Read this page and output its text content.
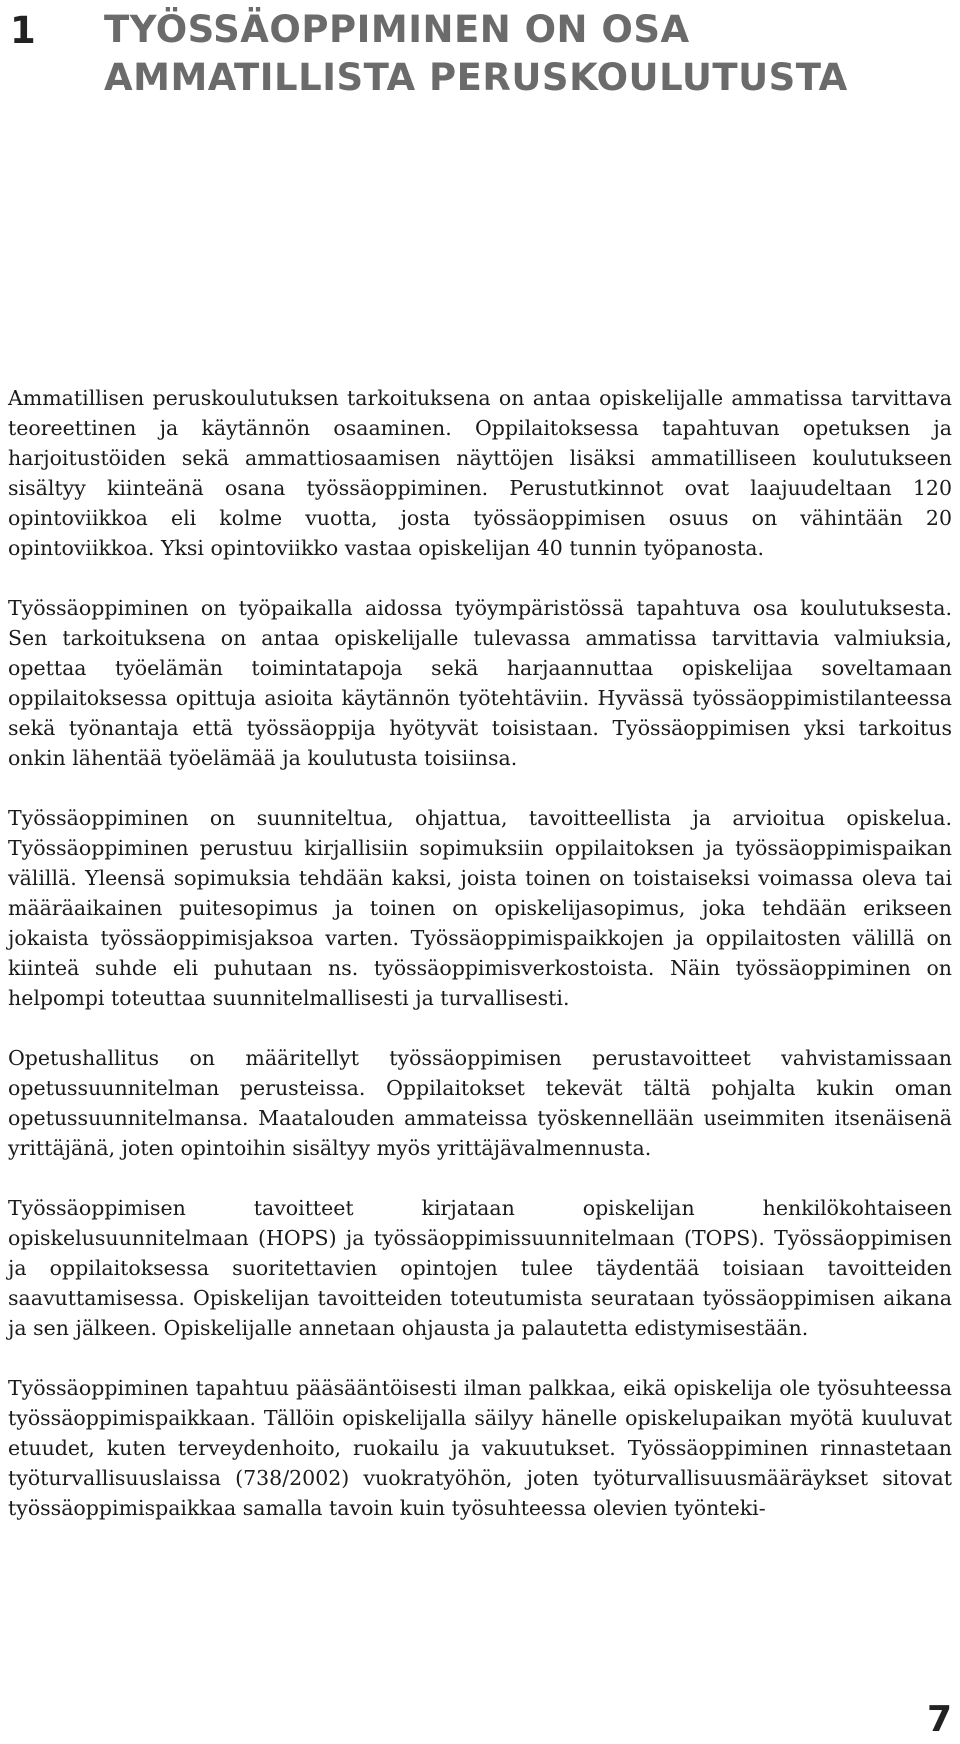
1 TYÖSSÄOPPIMINEN ON OSA AMMATILLISTA PERUSKOULUTUSTA

Ammatillisen peruskoulutuksen tarkoituksena on antaa opiskelijalle ammatissa tarvittava teoreettinen ja käytännön osaaminen. Oppilaitoksessa tapahtuvan opetuksen ja harjoitustöiden sekä ammattiosaamisen näyttöjen lisäksi ammatilliseen koulutukseen sisältyy kiinteänä osana työssäoppiminen. Perustutkinnot ovat laajuudeltaan 120 opintoviikkoa eli kolme vuotta, josta työssäoppimisen osuus on vähintään 20 opintoviikkoa. Yksi opintoviikko vastaa opiskelijan 40 tunnin työpanosta.

Työssäoppiminen on työpaikalla aidossa työympäristössä tapahtuva osa koulutuksesta. Sen tarkoituksena on antaa opiskelijalle tulevassa ammatissa tarvittavia valmiuksia, opettaa työelämän toimintatapoja sekä harjaannuttaa opiskelijaa soveltamaan oppilaitoksessa opittuja asioita käytännön työtehtäviin. Hyvässä työssäoppimistilanteessa sekä työnantaja että työssäoppija hyötyvät toisistaan. Työssäoppimisen yksi tarkoitus onkin lähentää työelämää ja koulutusta toisiinsa.

Työssäoppiminen on suunniteltua, ohjattua, tavoitteellista ja arvioitua opiskelua. Työssäoppiminen perustuu kirjallisiin sopimuksiin oppilaitoksen ja työssäoppimispaikan välillä. Yleensä sopimuksia tehdään kaksi, joista toinen on toistaiseksi voimassa oleva tai määräaikainen puitesopimus ja toinen on opiskelijasopimus, joka tehdään erikseen jokaista työssäoppimisjaksoa varten. Työssäoppimispaikkojen ja oppilaitosten välillä on kiinteä suhde eli puhutaan ns. työssäoppimisverkostoista. Näin työssäoppiminen on helpompi toteuttaa suunnitelmallisesti ja turvallisesti.

Opetushallitus on määritellyt työssäoppimisen perustavoitteet vahvistamissaan opetussuunnitelman perusteissa. Oppilaitokset tekevät tältä pohjalta kukin oman opetussuunnitelmansa. Maatalouden ammateissa työskennellään useimmiten itsenäisenä yrittäjänä, joten opintoihin sisältyy myös yrittäjävalmennusta.

Työssäoppimisen tavoitteet kirjataan opiskelijan henkilökohtaiseen opiskelusuunnitelmaan (HOPS) ja työssäoppimissuunnitelmaan (TOPS). Työssäoppimisen ja oppilaitoksessa suoritettavien opintojen tulee täydentää toisiaan tavoitteiden saavuttamisessa. Opiskelijan tavoitteiden toteutumista seurataan työssäoppimisen aikana ja sen jälkeen. Opiskelijalle annetaan ohjausta ja palautetta edistymisestään.

Työssäoppiminen tapahtuu pääsääntöisesti ilman palkkaa, eikä opiskelija ole työsuhteessa työssäoppimispaikkaan. Tällöin opiskelijalla säilyy hänelle opiskelupaikan myötä kuuluvat etuudet, kuten terveydenhoito, ruokailu ja vakuutukset. Työssäoppiminen rinnastetaan työturvallisuuslaissa (738/2002) vuokratyöhön, joten työturvallisuusmääräykset sitovat työssäoppimispaikkaa samalla tavoin kuin työsuhteessa olevien työnteki-

7
